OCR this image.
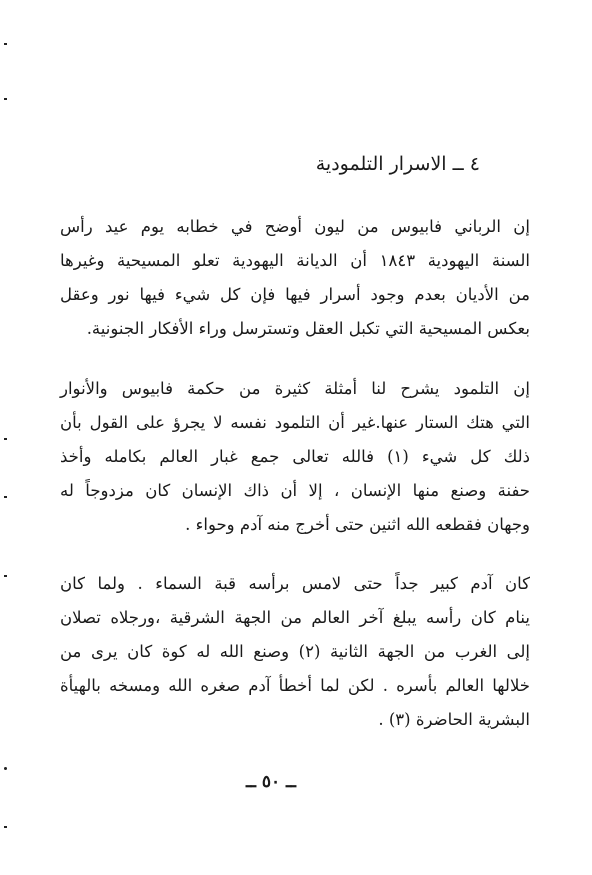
٤ ــ الاسرار التلمودية
إن الرباني فابيوس من ليون أوضح في خطابه يوم عيد رأس
السنة اليهودية ١٨٤٣ أن الديانة اليهودية تعلو المسيحية وغيرها
من الأديان بعدم وجود أسرار فيها فإن كل شيء فيها نور وعقل
بعكس المسيحية التي تكبل العقل وتسترسل وراء الأفكار الجنونية.
إن التلمود يشرح لنا أمثلة كثيرة من حكمة فابيوس والأنوار
التي هتك الستار عنها.غير أن التلمود نفسه لا يجرؤ على القول بأن
ذلك كل شيء (١) فالله تعالى جمع غبار العالم بكامله وأخذ
حفنة وصنع منها الإنسان ، إلا أن ذاك الإنسان كان مزدوجاً له
وجهان فقطعه الله اثنين حتى أخرج منه آدم وحواء .
كان آدم كبير جداً حتى لامس برأسه قبة السماء . ولما كان
ينام كان رأسه يبلغ آخر العالم من الجهة الشرقية ،ورجلاه تصلان
إلى الغرب من الجهة الثانية (٢) وصنع الله له كوة كان يرى من
خلالها العالم بأسره . لكن لما أخطأ آدم صغره الله ومسخه بالهيأة
البشرية الحاضرة (٣) .
ــ ٥٠ ــ
